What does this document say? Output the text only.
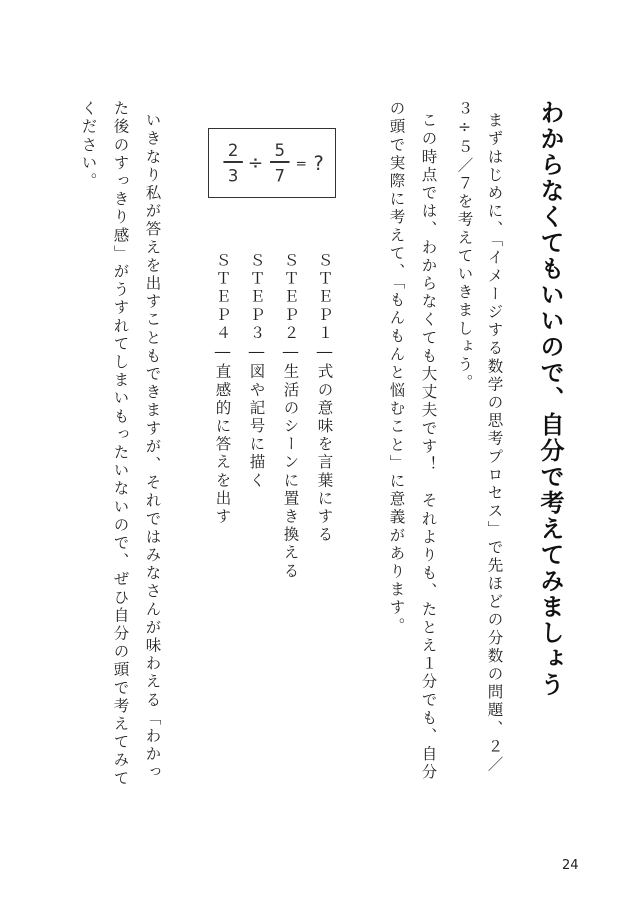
わからなくてもいいので、自分で考えてみましょう
まずはじめに、「イメージする数学の思考プロセス」で先ほどの分数の問題、２／
３÷５／７を考えていきましょう。
この時点では、わからなくても大丈夫です！　それよりも、たとえ１分でも、自分
の頭で実際に考えて、「もんもんと悩むこと」に意義があります。
2
3
÷
5
7
= ?
ＳＴＥＰ１―式の意味を言葉にする
ＳＴＥＰ２―生活のシーンに置き換える
ＳＴＥＰ３―図や記号に描く
ＳＴＥＰ４―直感的に答えを出す
いきなり私が答えを出すこともできますが、それではみなさんが味わえる「わかっ
た後のすっきり感」がうすれてしまいもったいないので、ぜひ自分の頭で考えてみて
ください。
24
